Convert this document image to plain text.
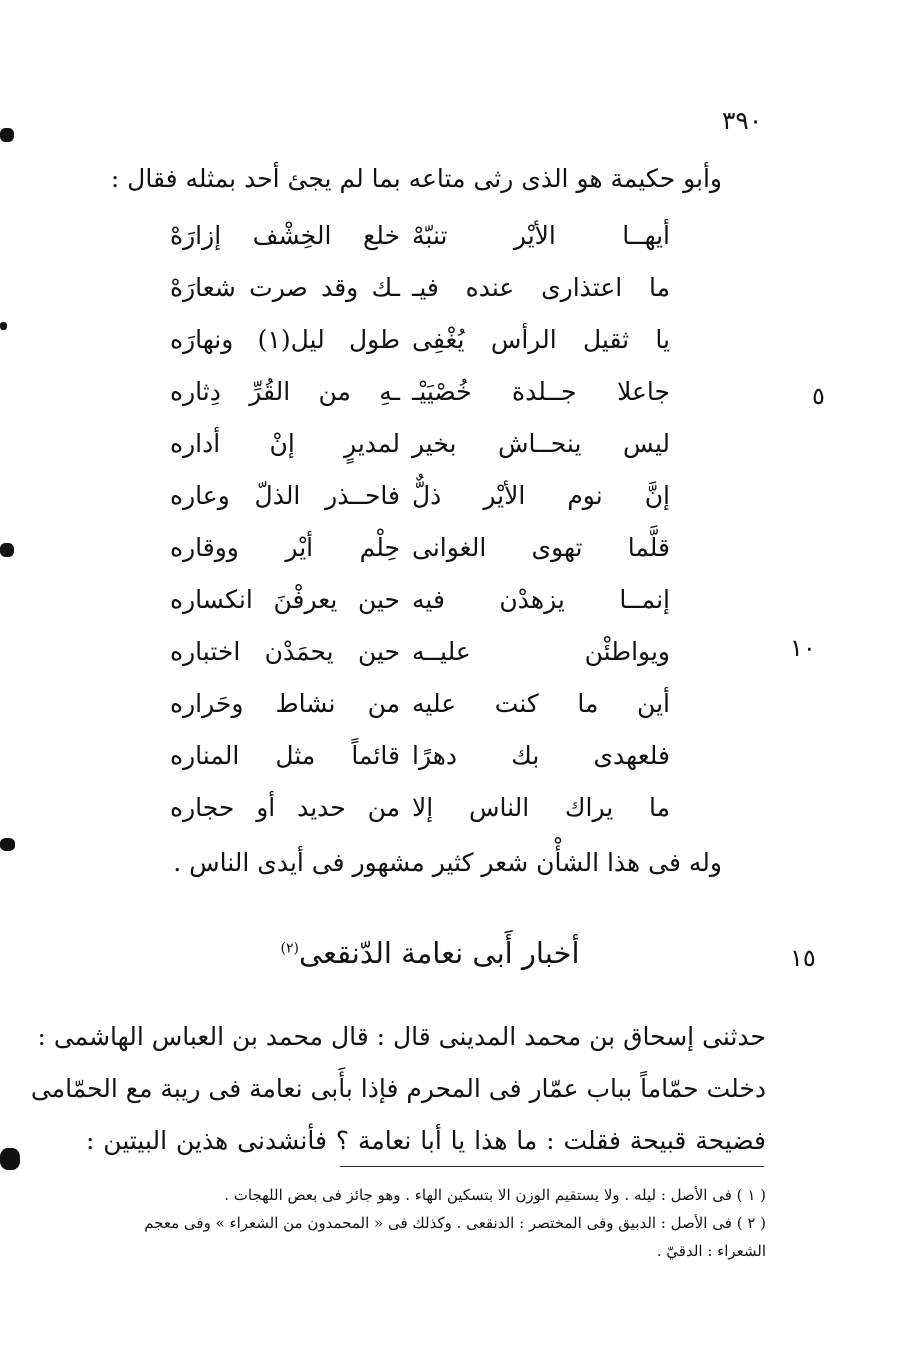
٣٩٠
٥
١٠
١٥
وأبو حكيمة هو الذى رثى متاعه بما لم يجئ أحد بمثله فقال :
أيهــا الأيْر تنبّهْ
خلع الخِشْف إزارَهْ
ما اعتذارى عنده فيـ
ـك وقد صرت شعارَهْ
يا ثقيل الرأس يُغْفِى
طول ليل(١) ونهارَه
جاعلا جــلدة خُصْيَيْـ
ـهِ من القُرِّ دِثاره
ليس ينحــاش بخير
لمديرٍ إنْ أداره
إنَّ نوم الأيْر ذلٌّ
فاحــذر الذلّ وعاره
قلَّما تهوى الغوانى
حِلْم أيْر ووقاره
إنمــا يزهدْن فيه
حين يعرفْنَ انكساره
ويواطئْن عليــه
حين يحمَدْن اختباره
أين ما كنت عليه
من نشاط وحَراره
فلعهدى بك دهرًا
قائماً مثل المناره
ما يراك الناس إلا
من حديد أو حجاره
وله فى هذا الشأْن شعر كثير مشهور فى أيدى الناس .
أخبار أَبى نعامة الدّنقعى$^{(٢)}$
حدثنى إسحاق بن محمد المدينى قال : قال محمد بن العباس الهاشمى :
دخلت حمّاماً بباب عمّار فى المحرم فإذا بأَبى نعامة فى ريبة مع الحمّامى
فضيحة قبيحة فقلت : ما هذا يا أبا نعامة ؟ فأنشدنى هذين البيتين :
( ١ ) فى الأصل : ليله . ولا يستقيم الوزن الا بتسكين الهاء . وهو جائز فى بعض اللهجات .
( ٢ ) فى الأصل : الدبيق وفى المختصر : الدنقعى . وكذلك فى « المحمدون من الشعراء » وفى معجم
الشعراء : الدقيّ .
